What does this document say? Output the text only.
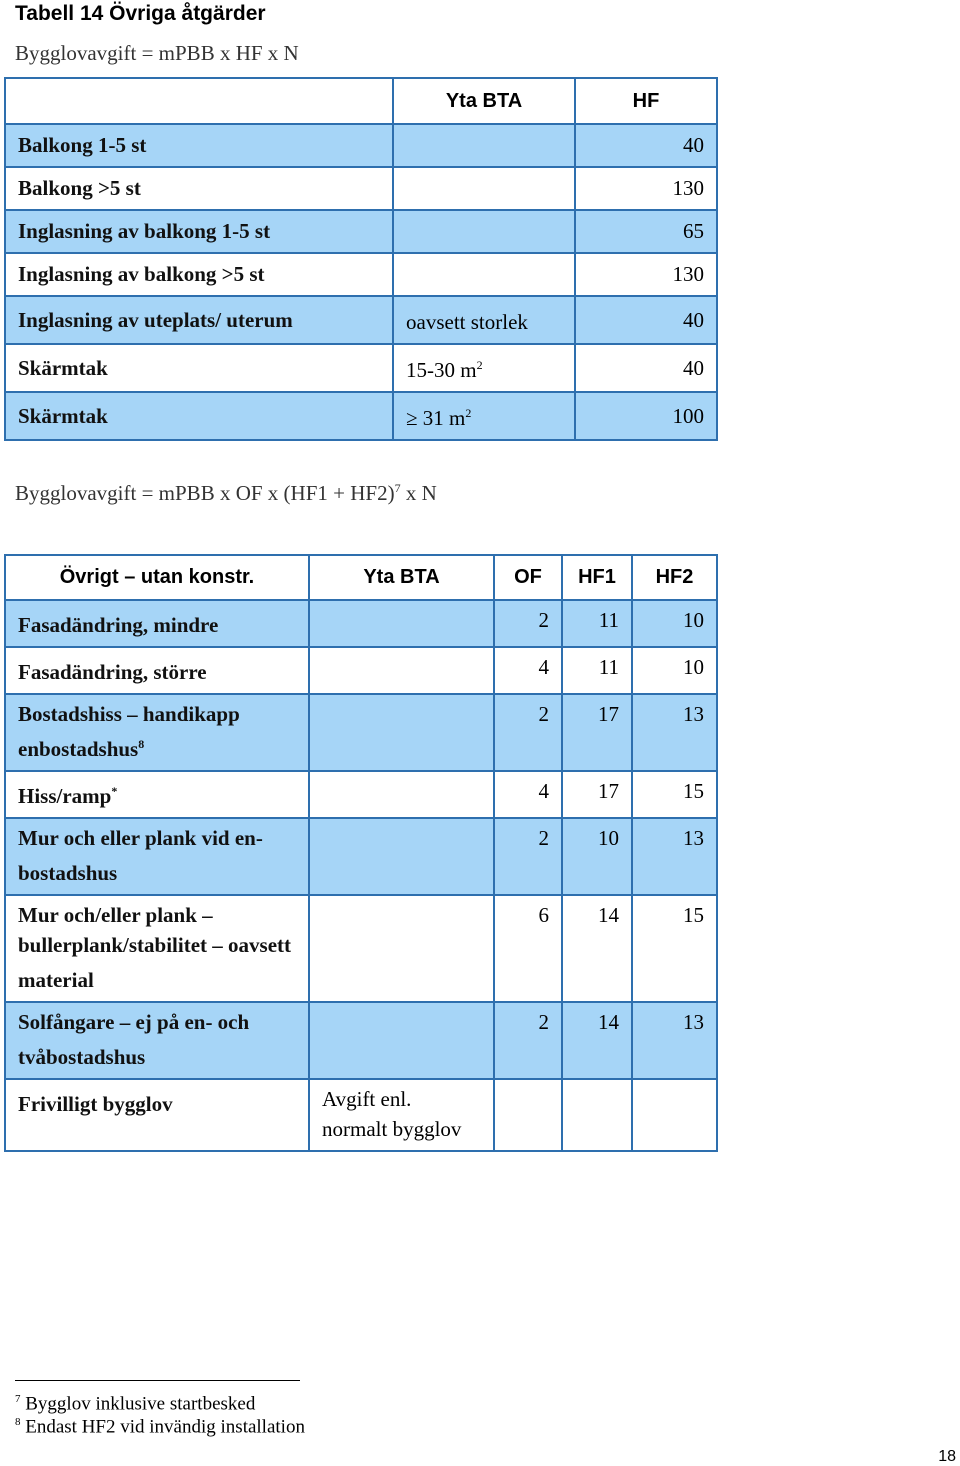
Tabell 14 Övriga åtgärder
Bygglovavgift = mPBB x HF x N
	Yta BTA	HF
Balkong 1-5 st		40
Balkong >5 st		130
Inglasning av balkong 1-5 st		65
Inglasning av balkong >5 st		130
Inglasning av uteplats/ uterum	oavsett storlek	40
Skärmtak	15-30 $m^2$	40
Skärmtak	≥ 31 $m^2$	100
Bygglovavgift = mPBB x OF x $(HF1 + HF2)^7$ x N
Övrigt – utan konstr.	Yta BTA	OF	HF1	HF2
Fasadändring, mindre		2	11	10
Fasadändring, större		4	11	10
Bostadshiss – handikapp enbostadshus$^8$		2	17	13
Hiss/ramp*		4	17	15
Mur och eller plank vid en-bostadshus		2	10	13
Mur och/eller plank – bullerplank/stabilitet – oavsett material		6	14	15
Solfångare – ej på en- och tvåbostadshus		2	14	13
Frivilligt bygglov	Avgift enl. normalt bygglov			
$^7$ Bygglov inklusive startbesked
$^8$ Endast HF2 vid invändig installation
18
